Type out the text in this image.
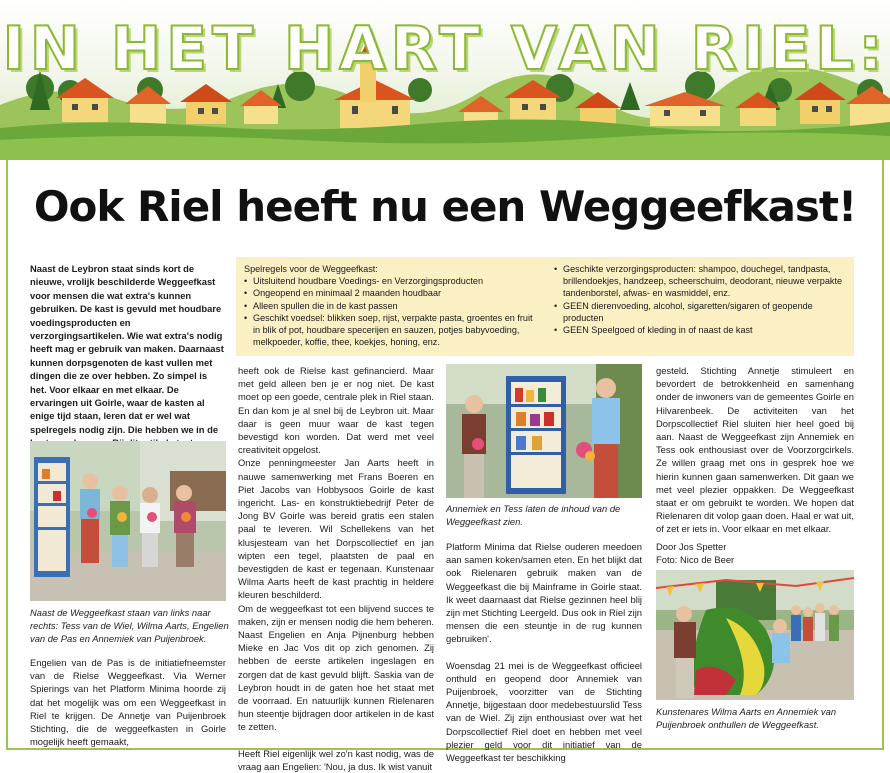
IN HET HART VAN RIEL:
Ook Riel heeft nu een Weggeefkast!
Naast de Leybron staat sinds kort de nieuwe, vrolijk beschilderde Weggeefkast voor mensen die wat extra's kunnen gebruiken. De kast is gevuld met houdbare voedingsproducten en verzorgingsartikelen. Wie wat extra's nodig heeft mag er gebruik van maken. Daarnaast kunnen dorpsgenoten de kast vullen met dingen die ze over hebben. Zo simpel is het. Voor elkaar en met elkaar. De ervaringen uit Goirle, waar de kasten al enige tijd staan, leren dat er wel wat spelregels nodig zijn. Die hebben we in de
Naast de Weggeefkast staan van links naar rechts: Tess van de Wiel, Wilma Aarts, Engelien van de Pas en Annemiek van Puijenbroek.
Engelien van de Pas is de initiatiefneemster van de Rielse Weggeefkast. Via Werner Spierings van het Platform Minima hoorde zij dat het mogelijk was om een Weggeefkast in Riel te krijgen. De Annetje van Puijenbroek Stichting, die de weggeefkasten in Goirle mogelijk heeft gemaakt,
Spelregels voor de Weggeefkast:
• Uitsluitend houdbare Voedings- en Verzorgingsproducten
• Ongeopend en minimaal 2 maanden houdbaar
• Alleen spullen die in de kast passen
• Geschikt voedsel: blikken soep, rijst, verpakte pasta, groentes en fruit in blik of pot, houdbare specerijen en sauzen, potjes babyvoeding, melkpoeder, koffie, thee, koekjes, honing, enz.
• Geschikte verzorgingsproducten: shampoo, douchegel, tandpasta, brillendoekjes, handzeep, scheerschuim, deodorant, nieuwe verpakte tandenborstel, afwas- en wasmiddel, enz.
• GEEN dierenvoeding, alcohol, sigaretten/sigaren of geopende producten
• GEEN Speelgoed of kleding in of naast de kast

heeft ook de Rielse kast gefinancierd. Maar met geld alleen ben je er nog niet. De kast moet op een goede, centrale plek in Riel staan. En dan kom je al snel bij de Leybron uit. Maar daar is geen muur waar de kast tegen bevestigd kon worden. Dat werd met veel creativiteit opgelost.

Onze penningmeester Jan Aarts heeft in nauwe samenwerking met Frans Boeren en Piet Jacobs van Hobbysoos Goirle de kast ingericht. Las- en konstruktiebedrijf Peter de Jong BV Goirle was bereid gratis een stalen paal te leveren. Wil Schellekens van het klusjesteam van het Dorpscollectief en jan wipten een tegel, plaatsten de paal en bevestigden de kast er tegenaan. Kunstenaar Wilma Aarts heeft de kast prachtig in heldere kleuren beschilderd.

Om de weggeefkast tot een blijvend succes te maken, zijn er mensen nodig die hem beheren. Naast Engelien en Anja Pijnenburg hebben Mieke en Jac Vos dit op zich genomen. Zij hebben de eerste artikelen ingeslagen en zorgen dat de kast gevuld blijft. Saskia van de Leybron houdt in de gaten hoe het staat met de voorraad. En natuurlijk kunnen Rielenaren hun steentje bijdragen door artikelen in de kast te zetten.

Heeft Riel eigenlijk wel zo'n kast nodig, was de vraag aan Engelien: 'Nou, ja dus. Ik wist vanuit

Annemiek en Tess laten de inhoud van de Weggeefkast zien.

Platform Minima dat Rielse ouderen meedoen aan samen koken/samen eten. En het blijkt dat ook Rielenaren gebruik maken van de Weggeefkast die bij Mainframe in Goirle staat. Ik weet daarnaast dat Rielse gezinnen heel blij zijn met Stichting Leergeld. Dus ook in Riel zijn mensen die een steuntje in de rug kunnen gebruiken'.

Woensdag 21 mei is de Weggeefkast officieel onthuld en geopend door Annemiek van Puijenbroek, voorzitter van de Stichting Annetje, bijgestaan door medebestuurslid Tess van de Wiel. Zij zijn enthousiast over wat het Dorpscollectief Riel doet en hebben met veel plezier geld voor dit initiatief van de Weggeefkast ter beschikking

gesteld. Stichting Annetje stimuleert en bevordert de betrokkenheid en samenhang onder de inwoners van de gemeentes Goirle en Hilvarenbeek. De activiteiten van het Dorpscollectief Riel sluiten hier heel goed bij aan. Naast de Weggeefkast zijn Annemiek en Tess ook enthousiast over de Voorzorgcirkels. Ze willen graag met ons in gesprek hoe we hierin kunnen gaan samenwerken. Dit gaan we met veel plezier oppakken. De Weggeefkast staat er om gebruikt te worden. We hopen dat Rielenaren dit volop gaan doen. Haal er wat uit, of zet er iets in. Voor elkaar en met elkaar.
Door Jos Spetter
Foto: Nico de Beer
Kunstenares Wilma Aarts en Annemiek van Puijenbroek onthullen de Weggeefkast.
